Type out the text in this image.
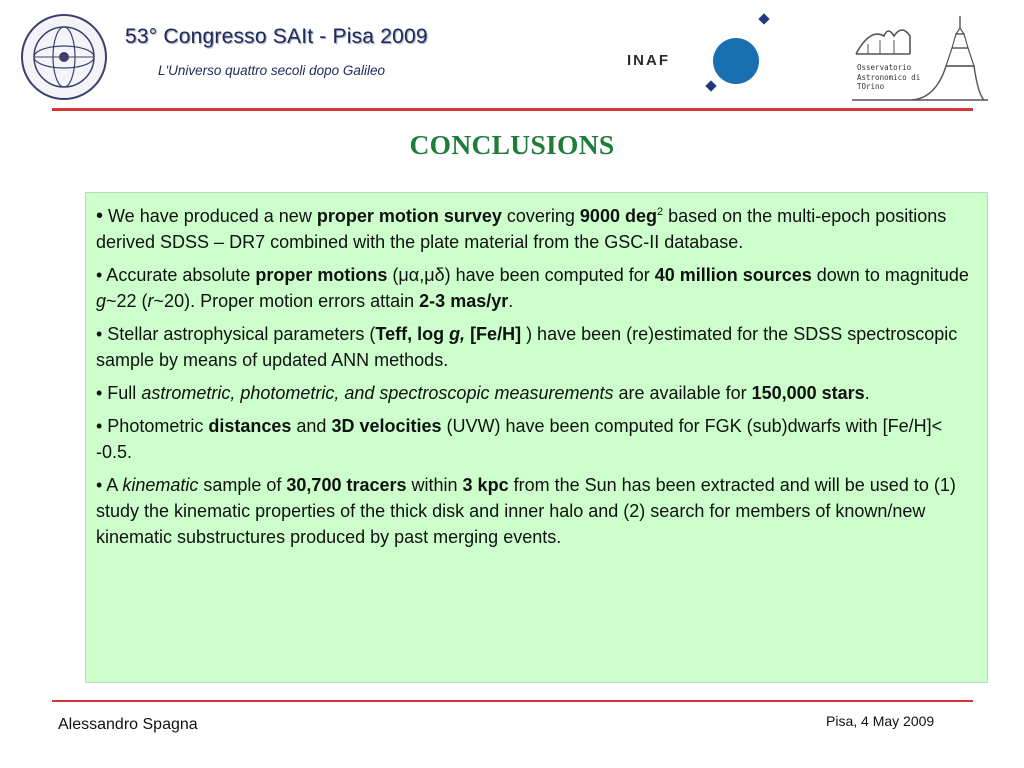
53° Congresso SAIt - Pisa 2009
L'Universo quattro secoli dopo Galileo
INAF	Osservatorio
Astronomico di
TOrino
CONCLUSIONS

• We have produced a new proper motion survey covering 9000 deg$^2$ based on the multi-epoch positions derived SDSS – DR7 combined with the plate material from the GSC-II database.

• Accurate absolute proper motions (μα,μδ) have been computed for 40 million sources down to magnitude g~22 (r~20). Proper motion errors attain 2-3 mas/yr.

• Stellar astrophysical parameters (Teff, log g, [Fe/H] ) have been (re)estimated for the SDSS spectroscopic sample by means of updated ANN methods.

• Full astrometric, photometric, and spectroscopic measurements are available for 150,000 stars.

• Photometric distances and 3D velocities (UVW) have been computed for FGK (sub)dwarfs with [Fe/H]< -0.5.

• A kinematic sample of 30,700 tracers within 3 kpc from the Sun has been extracted and will be used to (1) study the kinematic properties of the thick disk and inner halo and (2) search for members of known/new kinematic substructures produced by past merging events.

Alessandro Spagna	Pisa, 4 May 2009
